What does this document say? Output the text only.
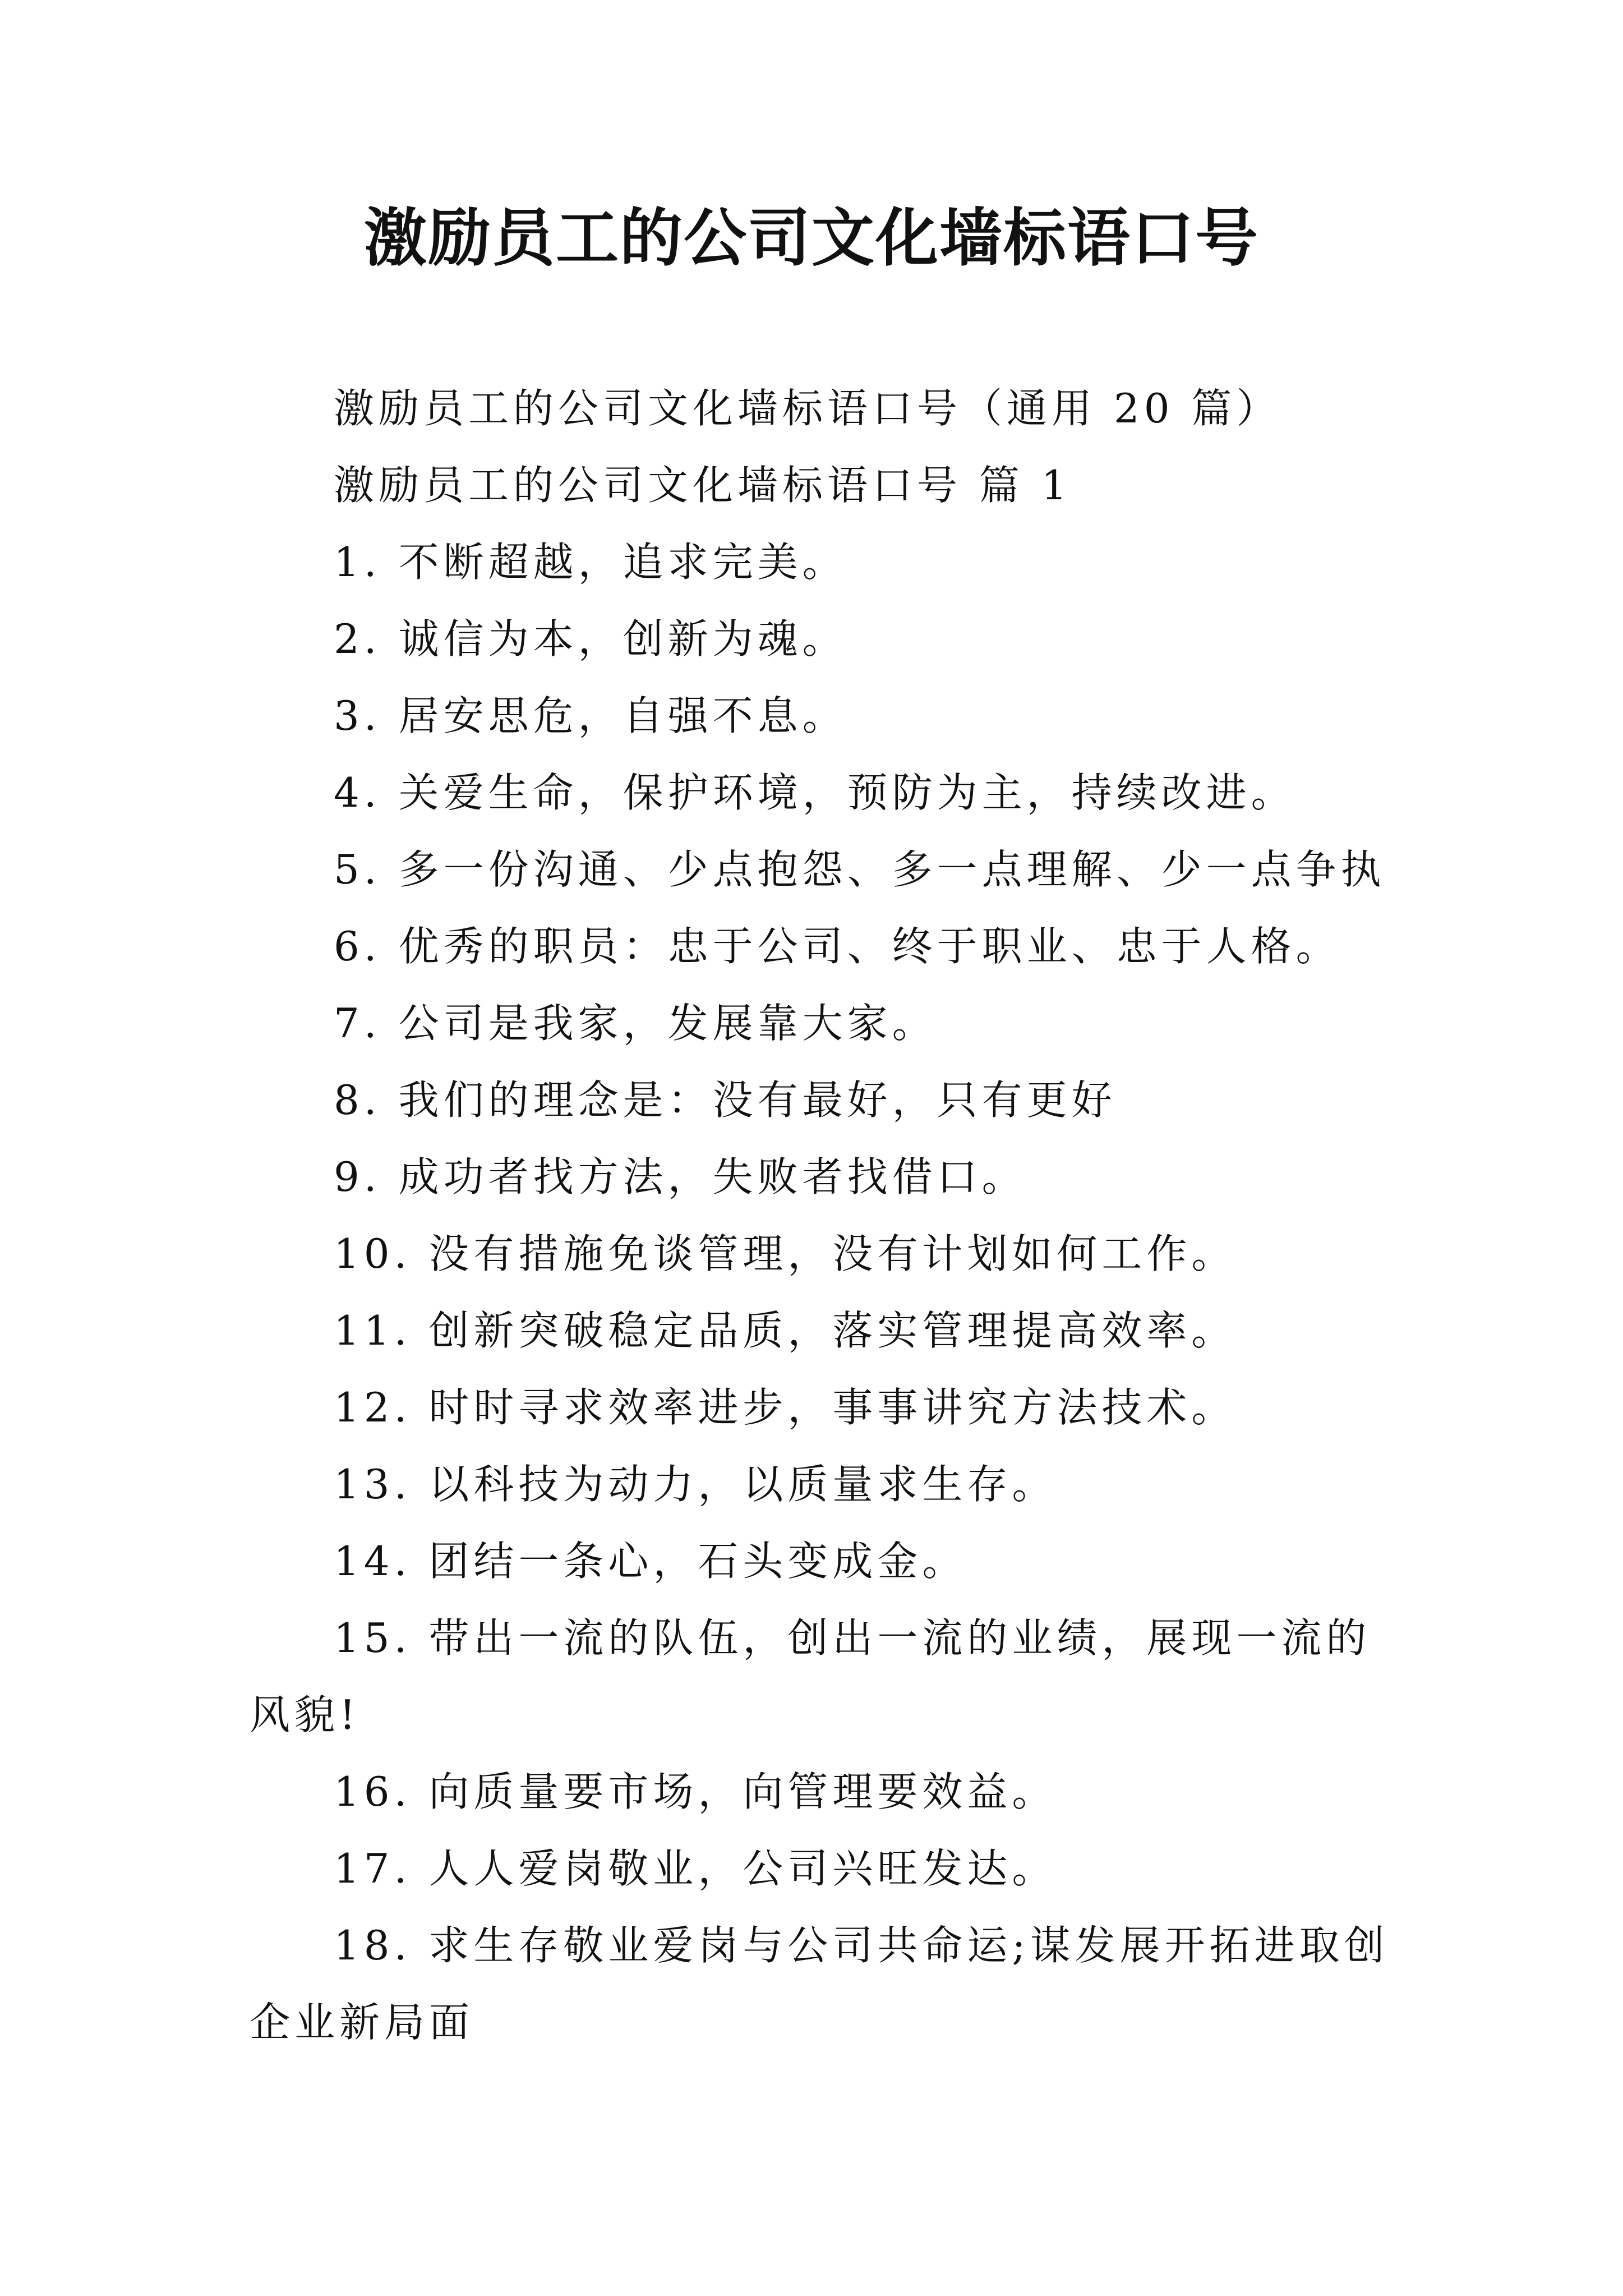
激励员工的公司文化墙标语口号

激励员工的公司文化墙标语口号（通用 20 篇）

激励员工的公司文化墙标语口号 篇 1

1. 不断超越，追求完美。

2. 诚信为本，创新为魂。

3. 居安思危，自强不息。

4. 关爱生命，保护环境，预防为主，持续改进。

5. 多一份沟通、少点抱怨、多一点理解、少一点争执

6. 优秀的职员：忠于公司、终于职业、忠于人格。

7. 公司是我家，发展靠大家。

8. 我们的理念是：没有最好，只有更好

9. 成功者找方法，失败者找借口。

10. 没有措施免谈管理，没有计划如何工作。

11. 创新突破稳定品质，落实管理提高效率。

12. 时时寻求效率进步，事事讲究方法技术。

13. 以科技为动力，以质量求生存。

14. 团结一条心，石头变成金。

15. 带出一流的队伍，创出一流的业绩，展现一流的风貌!

16. 向质量要市场，向管理要效益。

17. 人人爱岗敬业，公司兴旺发达。

18. 求生存敬业爱岗与公司共命运;谋发展开拓进取创企业新局面
